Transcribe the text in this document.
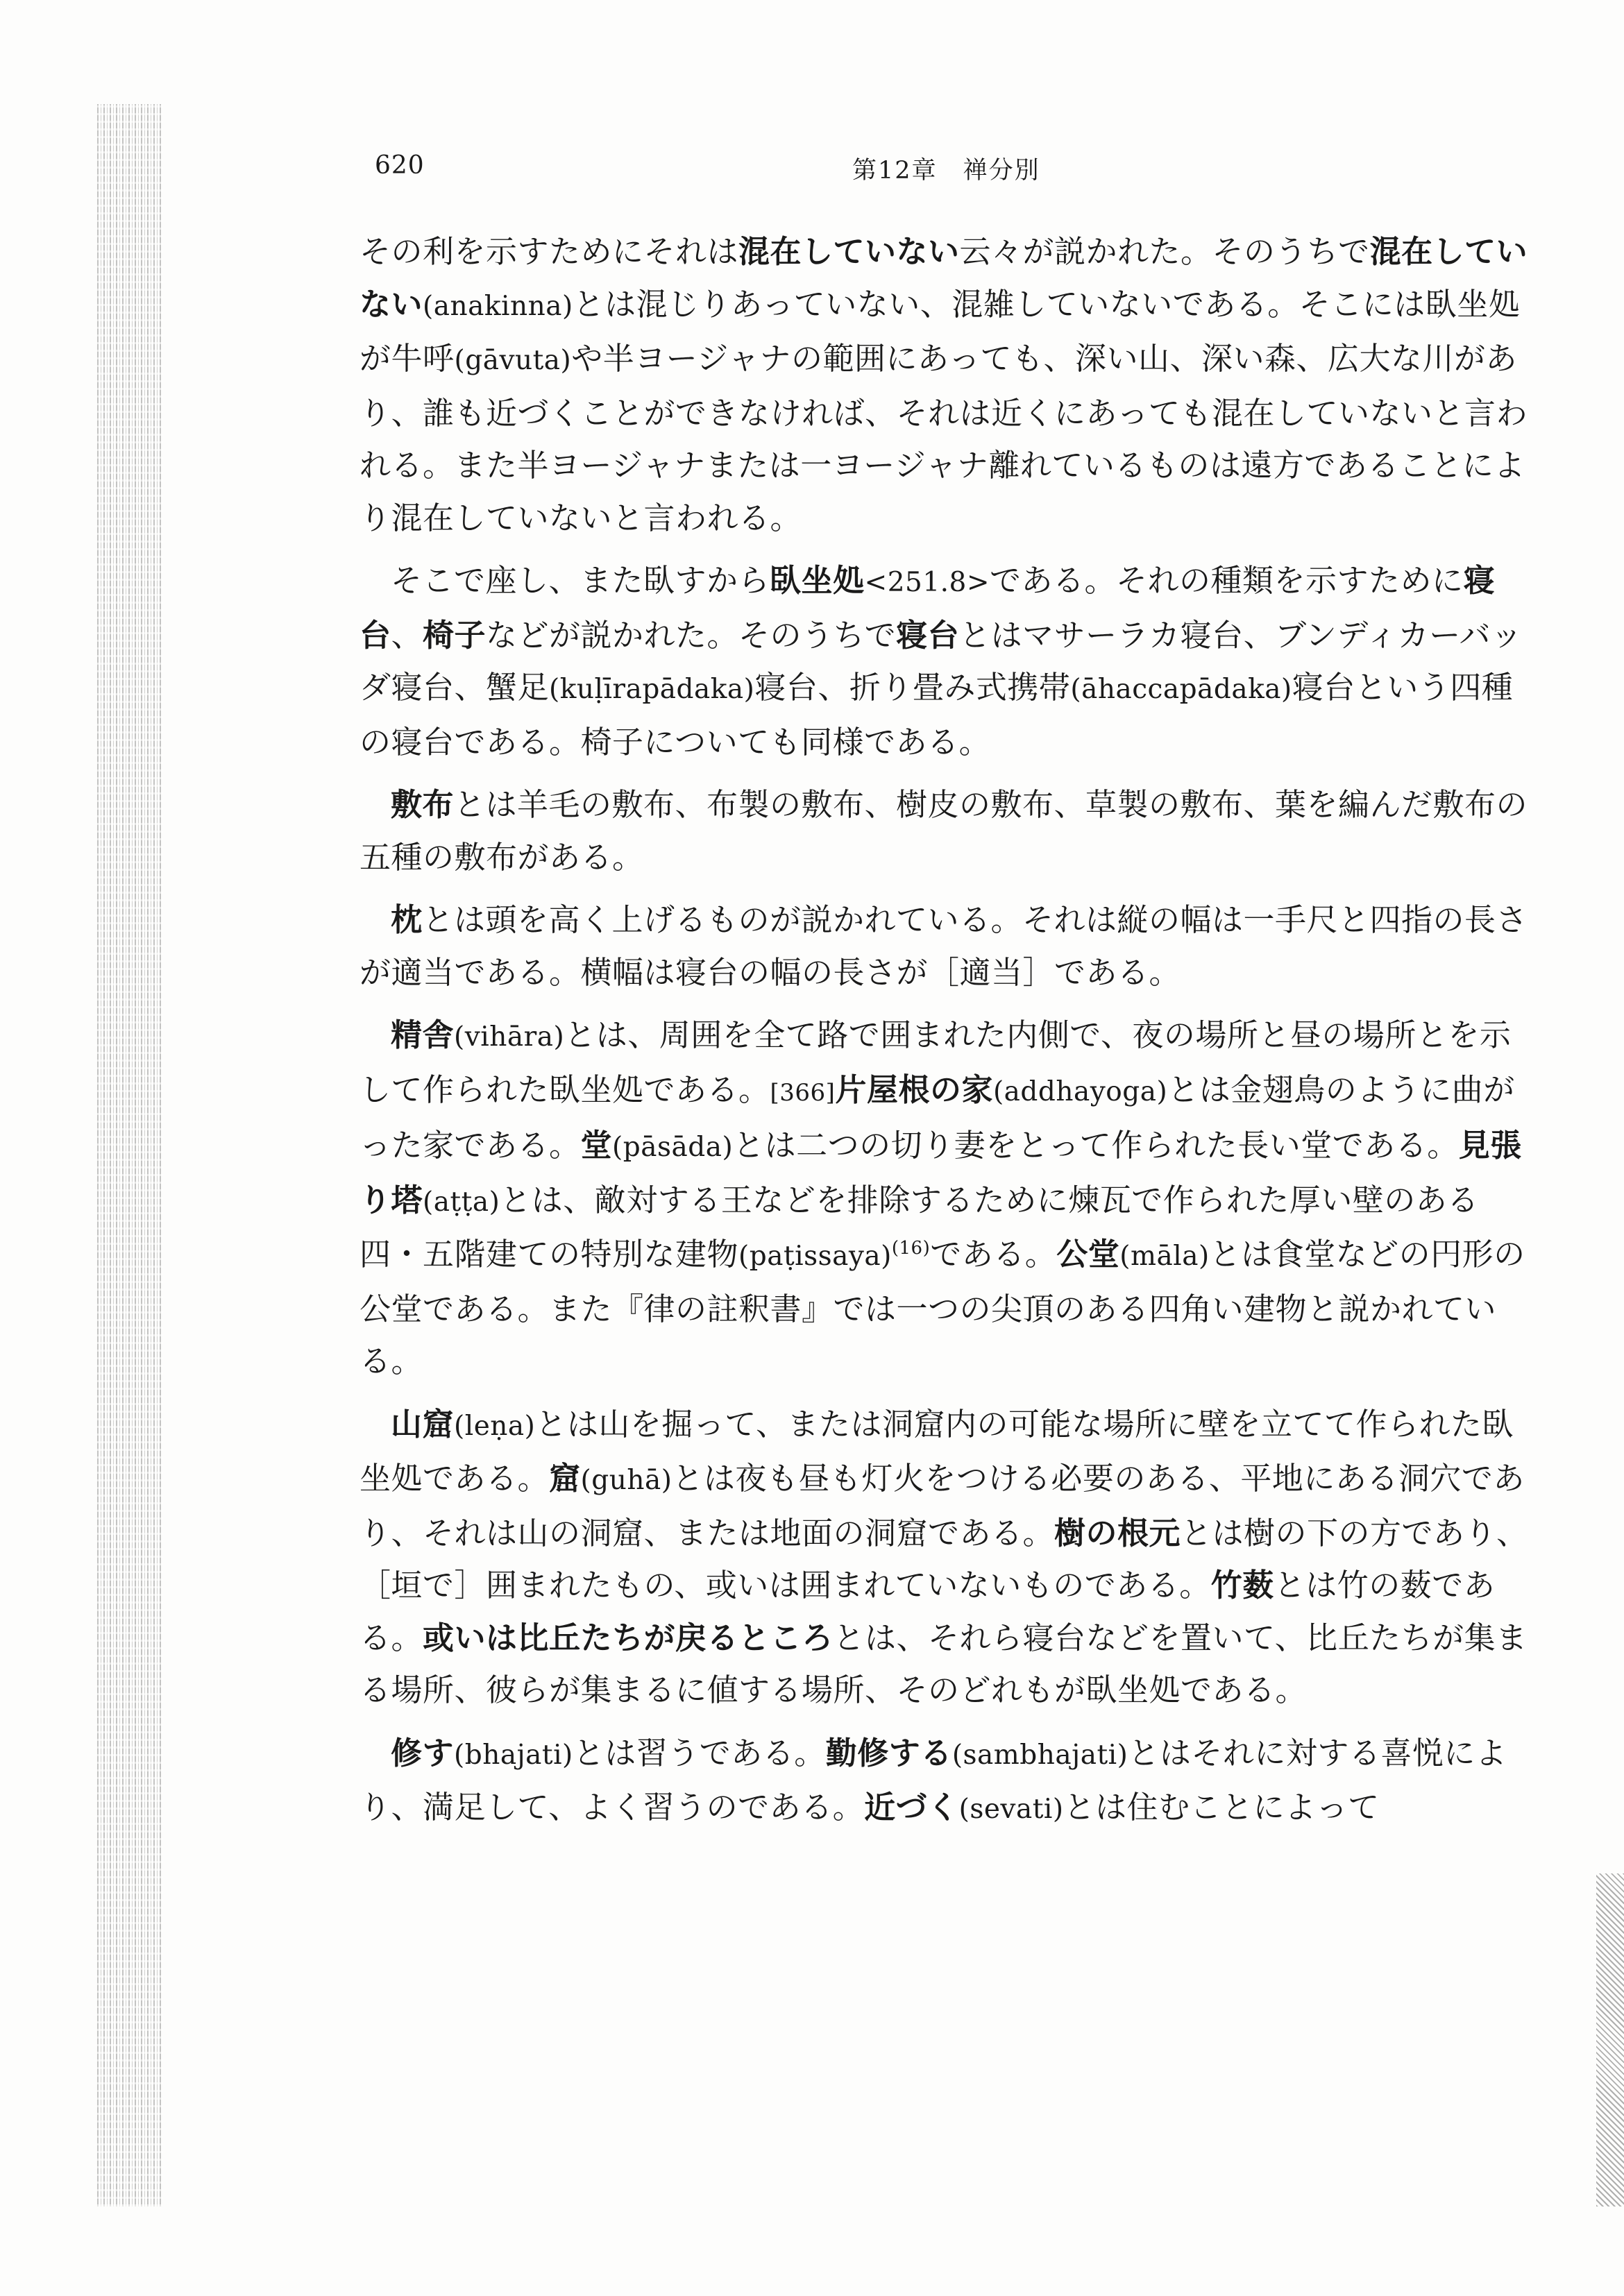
620	第12章　 禅分別

その利を示すためにそれは混在していない云々が説かれた。そのうちで混在していない(anakinna)とは混じりあっていない、混雑していないである。そこには臥坐処が牛呼(gāvuta)や半ヨージャナの範囲にあっても、深い山、深い森、広大な川があり、誰も近づくことができなければ、それは近くにあっても混在していないと言われる。また半ヨージャナまたは一ヨージャナ離れているものは遠方であることにより混在していないと言われる。

そこで座し、また臥すから臥坐処<251.8>である。それの種類を示すために寝台、椅子などが説かれた。そのうちで寝台とはマサーラカ寝台、ブンディカーバッダ寝台、蟹足(kuḷīrapādaka)寝台、折り畳み式携帯(āhaccapādaka)寝台という四種の寝台である。椅子についても同様である。

敷布とは羊毛の敷布、布製の敷布、樹皮の敷布、草製の敷布、葉を編んだ敷布の五種の敷布がある。

枕とは頭を高く上げるものが説かれている。それは縦の幅は一手尺と四指の長さが適当である。横幅は寝台の幅の長さが［適当］である。

精舎(vihāra)とは、周囲を全て路で囲まれた内側で、夜の場所と昼の場所とを示して作られた臥坐処である。[366]片屋根の家(addhayoga)とは金翅鳥のように曲がった家である。堂(pāsāda)とは二つの切り妻をとって作られた長い堂である。見張り塔(aṭṭa)とは、敵対する王などを排除するために煉瓦で作られた厚い壁のある四・五階建ての特別な建物(paṭissaya)$^{(16)}$である。公堂(māla)とは食堂などの円形の公堂である。また『律の註釈書』では一つの尖頂のある四角い建物と説かれている。

山窟(leṇa)とは山を掘って、または洞窟内の可能な場所に壁を立てて作られた臥坐処である。窟(guhā)とは夜も昼も灯火をつける必要のある、平地にある洞穴であり、それは山の洞窟、または地面の洞窟である。樹の根元とは樹の下の方であり、［垣で］囲まれたもの、或いは囲まれていないものである。竹薮とは竹の薮である。或いは比丘たちが戻るところとは、それら寝台などを置いて、比丘たちが集まる場所、彼らが集まるに値する場所、そのどれもが臥坐処である。

修す(bhajati)とは習うである。勤修する(sambhajati)とはそれに対する喜悦により、満足して、よく習うのである。近づく(sevati)とは住むことによって
